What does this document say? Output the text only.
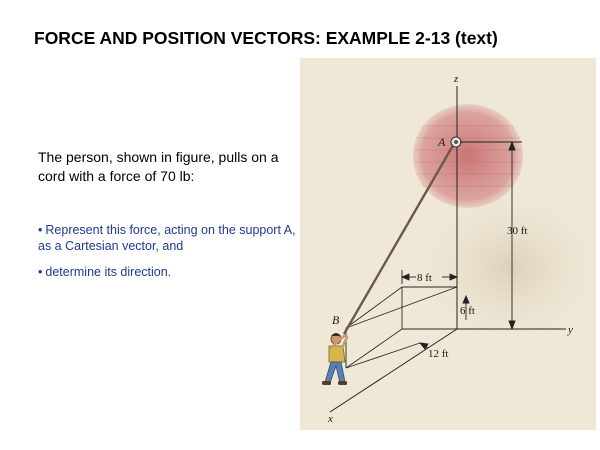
FORCE AND POSITION VECTORS: EXAMPLE 2-13 (text)
The person, shown in figure, pulls on a cord with a force of 70 lb:
• Represent this force, acting on the support A, as a Cartesian vector, and
• determine its direction.
z
y
x
A
B
30 ft
8 ft
6 ft
12 ft
